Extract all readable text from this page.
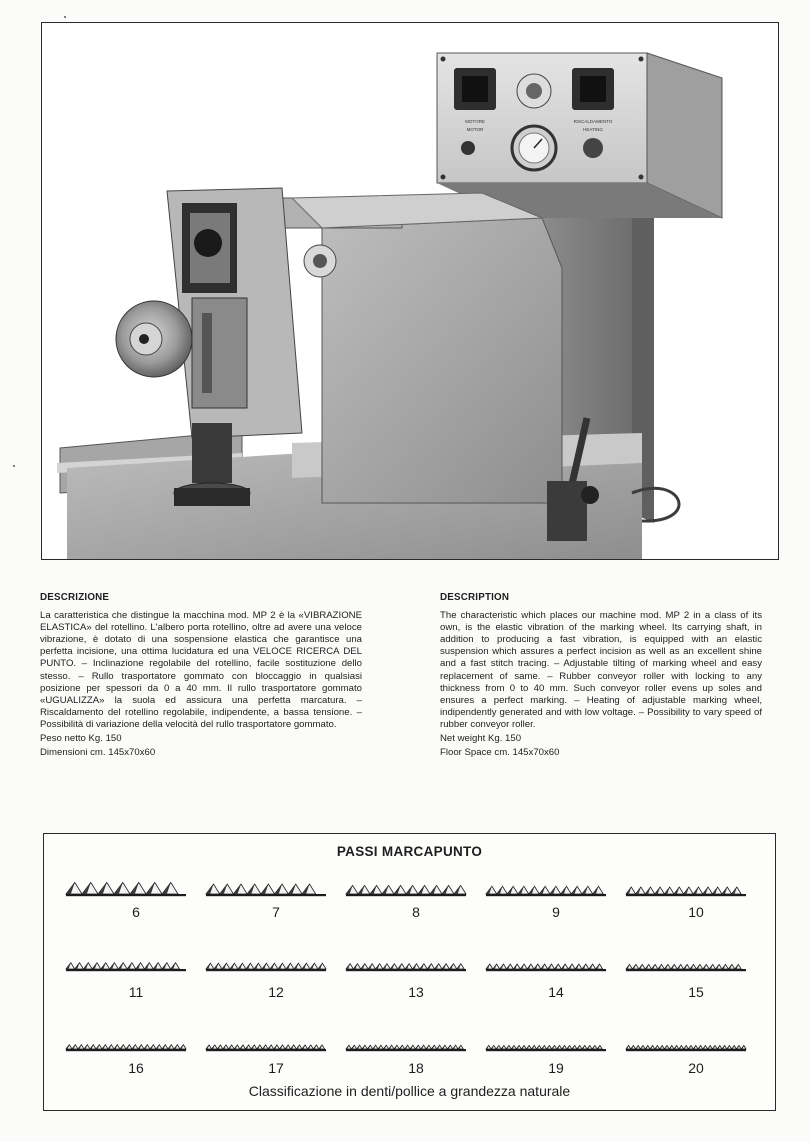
MOTORE
MOTOR
RISCALDAMENTO
HEATING
DESCRIZIONE

La caratteristica che distingue la macchina mod. MP 2 è la «VIBRAZIONE ELASTICA» del rotellino. L'albero porta rotellino, oltre ad avere una veloce vibrazione, è dotato di una sospensione elastica che garantisce una perfetta incisione, una ottima lucidatura ed una VELOCE RICERCA DEL PUNTO. – Inclinazione regolabile del rotellino, facile sostituzione dello stesso. – Rullo trasportatore gommato con bloccaggio in qualsiasi posizione per spessori da 0 a 40 mm. Il rullo trasportatore gommato «UGUALIZZA» la suola ed assicura una perfetta marcatura. – Riscaldamento del rotellino regolabile, indipendente, a bassa tensione. – Possibilità di variazione della velocità del rullo trasportatore gommato.

Peso netto Kg. 150
Dimensioni cm. 145x70x60
DESCRIPTION

The characteristic which places our machine mod. MP 2 in a class of its own, is the elastic vibration of the marking wheel. Its carrying shaft, in addition to producing a fast vibration, is equipped with an elastic suspension which assures a perfect incision as well as an excellent shine and a fast stitch tracing. – Adjustable tilting of marking wheel and easy replacement of same. – Rubber conveyor roller with locking to any thickness from 0 to 40 mm. Such conveyor roller evens up soles and ensures a perfect marking. – Heating of adjustable marking wheel, indipendently generated and with low voltage. – Possibility to vary speed of rubber conveyor roller.

Net weight Kg. 150
Floor Space cm. 145x70x60
PASSI MARCAPUNTO
6	7	8	9	10
11	12	13	14	15
16	17	18	19	20
Classificazione in denti/pollice a grandezza naturale
